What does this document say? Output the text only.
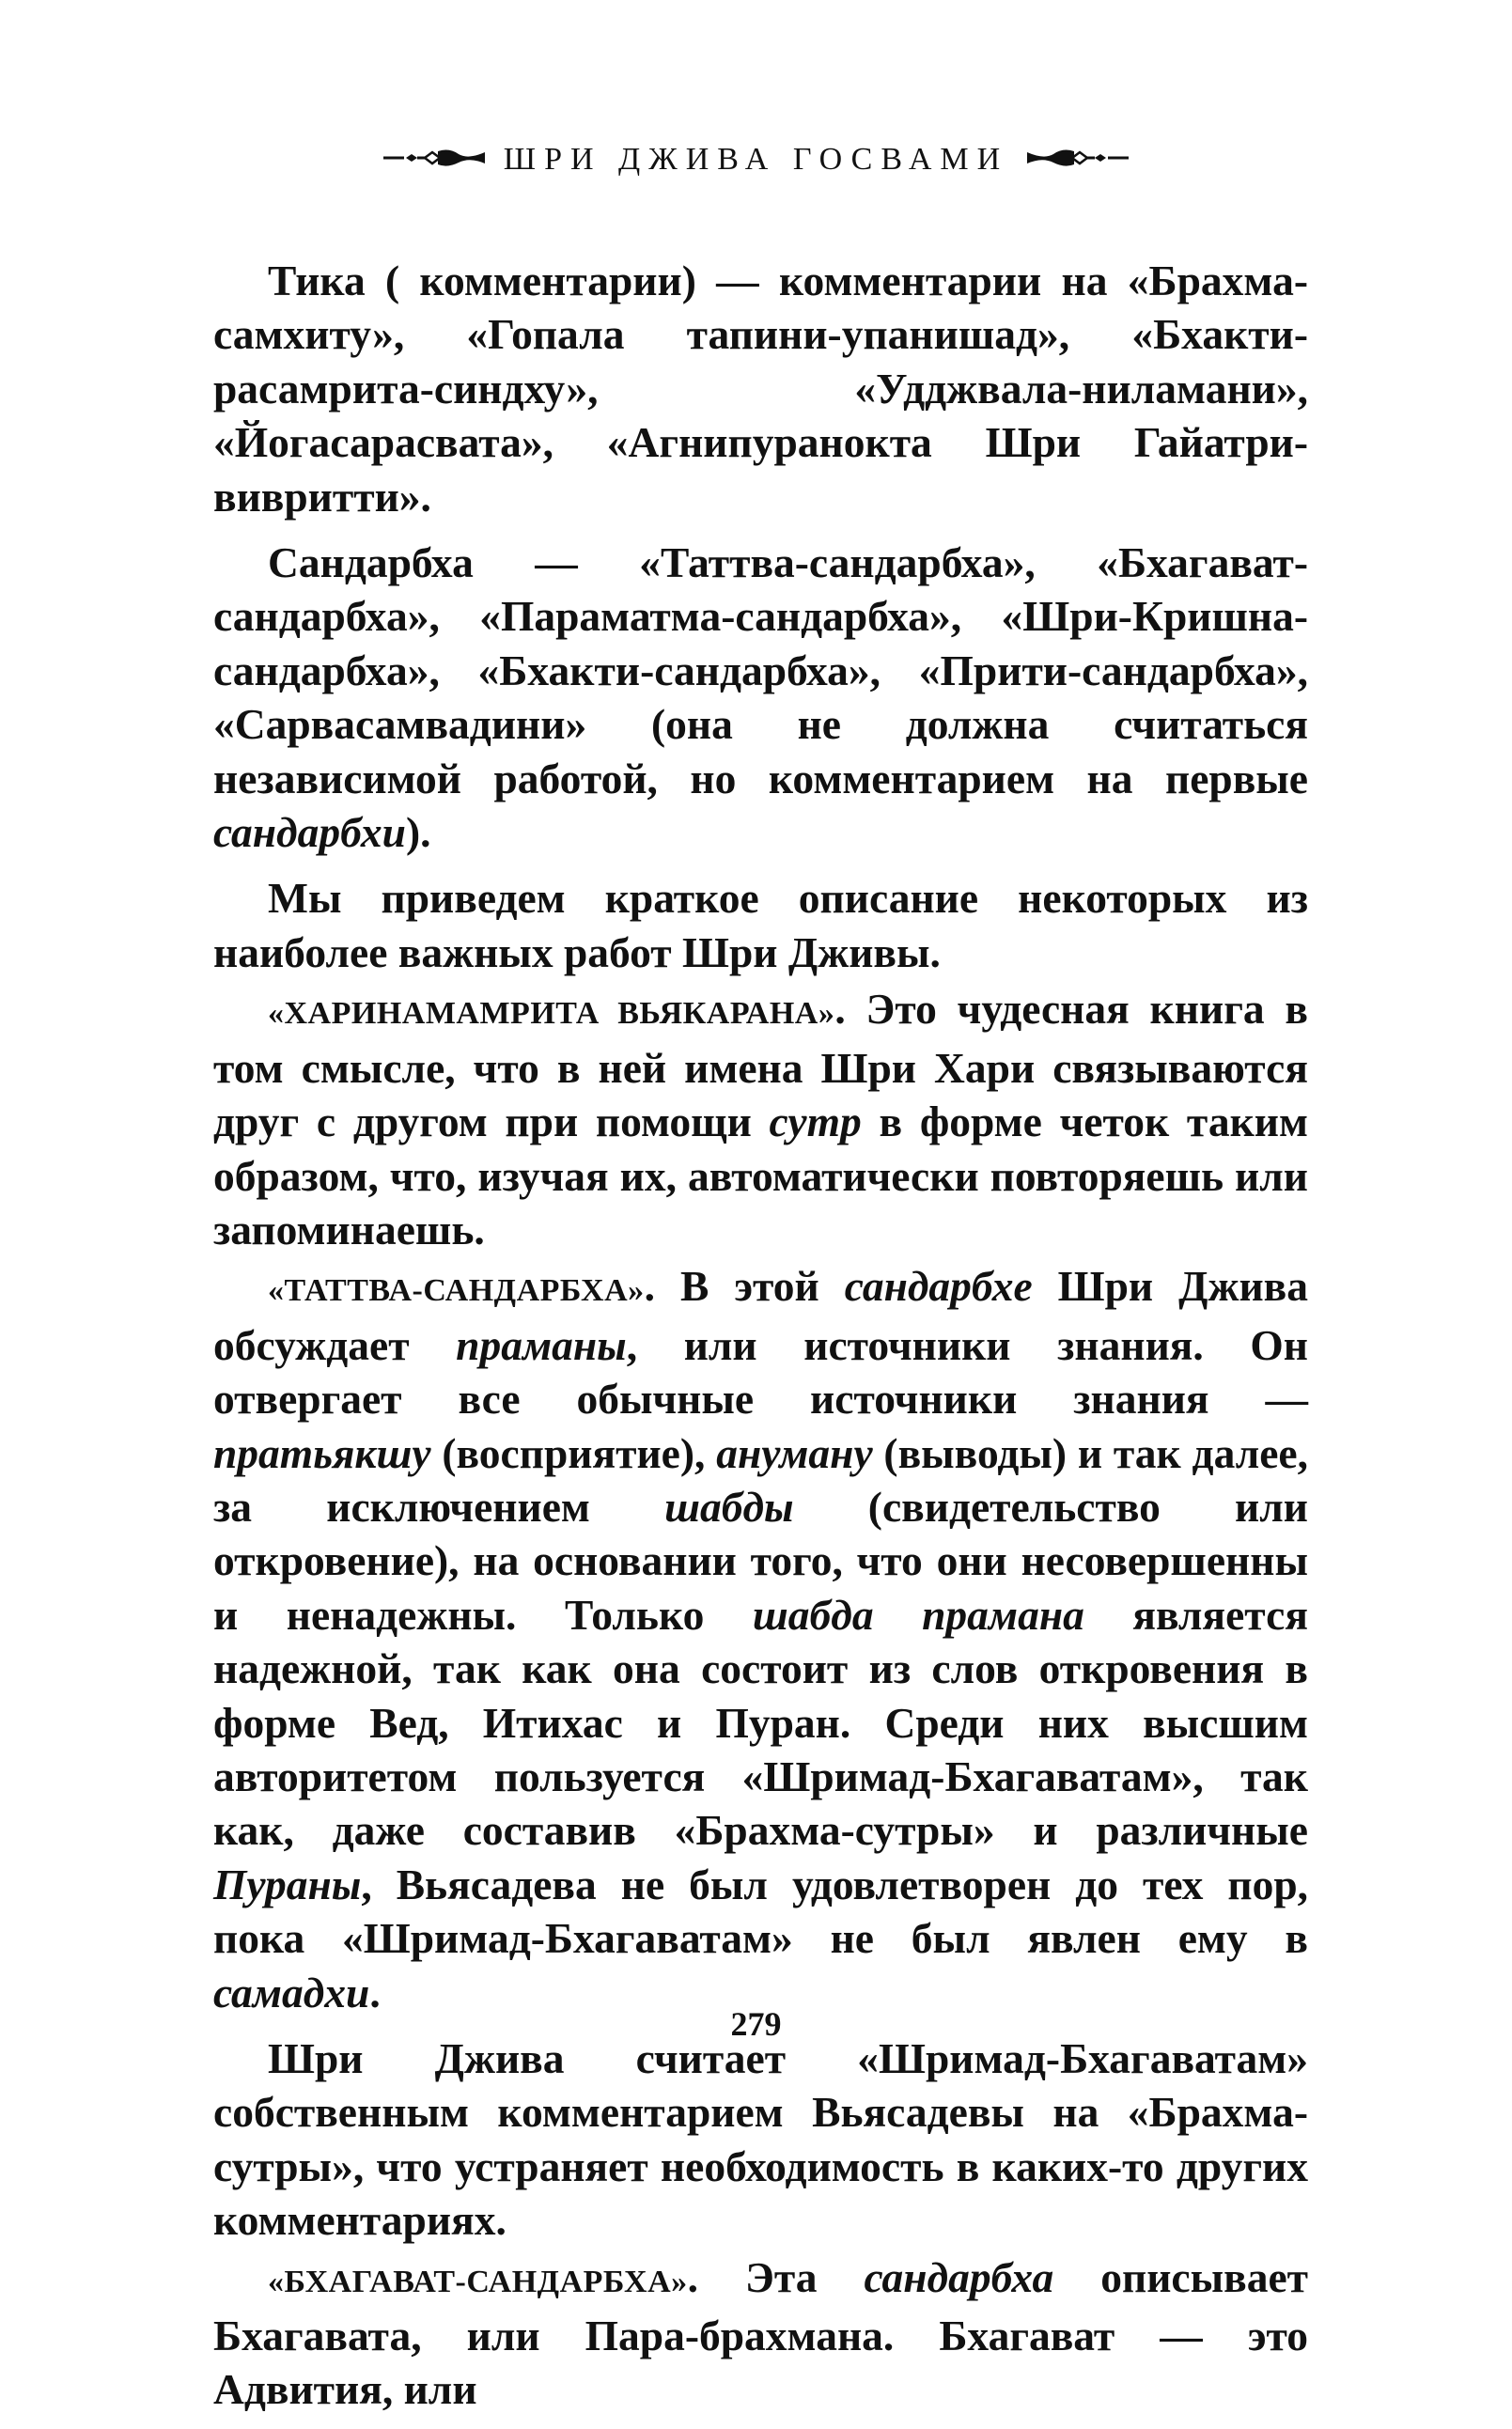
ШРИ ДЖИВА ГОСВАМИ

Тика ( комментарии) — комментарии на «Брахма-самхиту», «Гопала тапини-упанишад», «Бхакти-расамрита-синдху», «Удджвала-ниламани», «Йогасарасвата», «Агнипураноктa Шри Гайатри-вивритти».

Сандарбха — «Таттва-сандарбха», «Бхагават-сандарбха», «Параматма-сандарбха», «Шри-Кришна-сандарбха», «Бхакти-сандарбха», «Прити-сандарбха», «Сарвасамвадини» (она не должна считаться независимой работой, но комментарием на первые сандарбхи).

Мы приведем краткое описание некоторых из наиболее важных работ Шри Дживы.

«ХАРИНАМАМРИТА ВЬЯКАРАНА». Это чудесная книга в том смысле, что в ней имена Шри Хари связываются друг с другом при помощи сутр в форме четок таким образом, что, изучая их, автоматически повторяешь или запоминаешь.

«ТАТТВА-САНДАРБХА». В этой сандарбхе Шри Джива обсуждает праманы, или источники знания. Он отвергает все обычные источники знания — пратьякшу (восприятие), ануману (выводы) и так далее, за исключением шабды (свидетельство или откровение), на основании того, что они несовершенны и ненадежны. Только шабда прамана является надежной, так как она состоит из слов откровения в форме Вед, Итихас и Пуран. Среди них высшим авторитетом пользуется «Шримад-Бхагаватам», так как, даже составив «Брахма-сутры» и различные Пураны, Вьясадева не был удовлетворен до тех пор, пока «Шримад-Бхагаватам» не был явлен ему в самадхи.

Шри Джива считает «Шримад-Бхагаватам» собственным комментарием Вьясадевы на «Брахма-сутры», что устраняет необходимость в каких-то других комментариях.

«БХАГАВАТ-САНДАРБХА». Эта сандарбха описывает Бхагавата, или Пара-брахмана. Бхагават — это Адвития, или

279
